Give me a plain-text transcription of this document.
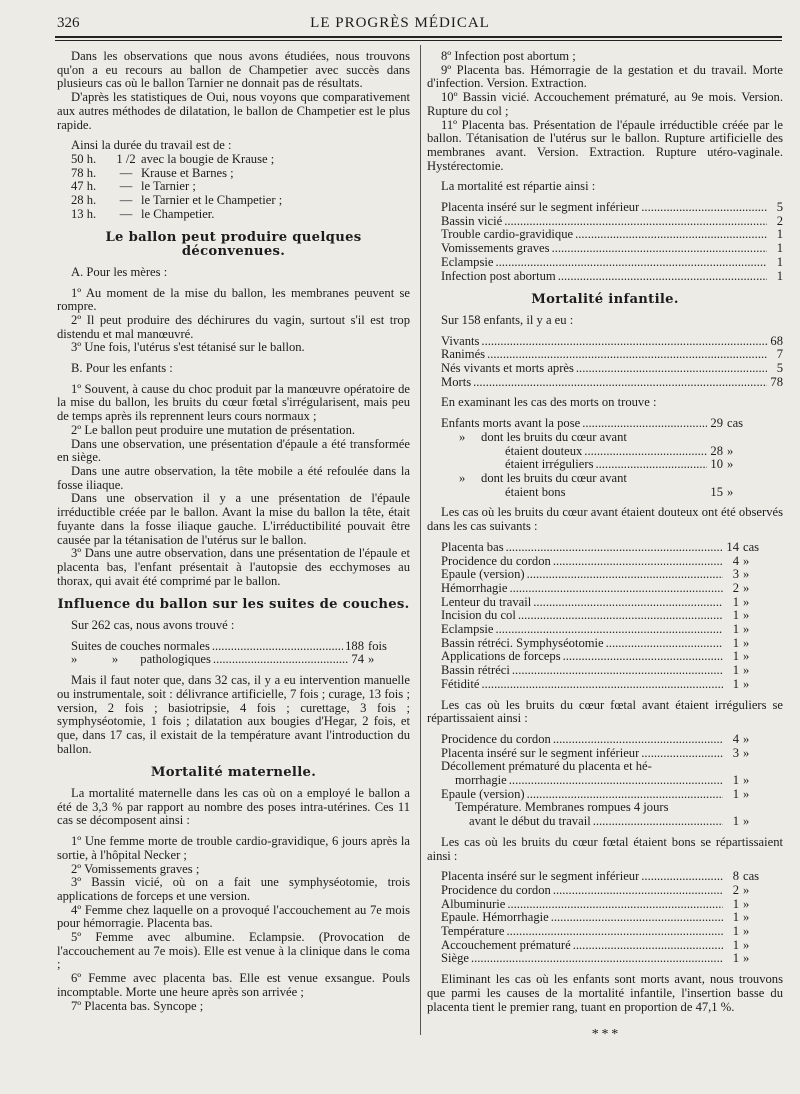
326	LE PROGRÈS MÉDICAL

Dans les observations que nous avons étudiées, nous trouvons qu'on a eu recours au ballon de Champetier avec succès dans plusieurs cas où le ballon Tarnier ne donnait pas de résultats.

D'après les statistiques de Oui, nous voyons que comparativement aux autres méthodes de dilatation, le ballon de Champetier est le plus rapide.

Ainsi la durée du travail est de :

50 h.	1 /2 avec la bougie de Krause ;
78 h.	— Krause et Barnes ;
47 h.	— le Tarnier ;
28 h.	— le Tarnier et le Champetier ;
13 h.	— le Champetier.
Le ballon peut produire quelques déconvenues.

A. Pour les mères :

1º Au moment de la mise du ballon, les membranes peuvent se rompre.

2º Il peut produire des déchirures du vagin, surtout s'il est trop distendu et mal manœuvré.

3º Une fois, l'utérus s'est tétanisé sur le ballon.

B. Pour les enfants :

1º Souvent, à cause du choc produit par la manœuvre opératoire de la mise du ballon, les bruits du cœur fœtal s'irrégularisent, mais peu de temps après ils reprennent leurs cours normaux ;

2º Le ballon peut produire une mutation de présentation.

Dans une observation, une présentation d'épaule a été transformée en siège.

Dans une autre observation, la tête mobile a été refoulée dans la fosse iliaque.

Dans une observation il y a une présentation de l'épaule irréductible créée par le ballon. Avant la mise du ballon la tête, était fuyante dans la fosse iliaque gauche. L'irréductibilité pouvait être causée par la tétanisation de l'utérus sur le ballon.

3º Dans une autre observation, dans une présentation de l'épaule et placenta bas, l'enfant présentait à l'autopsie des ecchymoses au thorax, qui avait été comprimé par le ballon.

Influence du ballon sur les suites de couches.

Sur 262 cas, nous avons trouvé :

Suites de couches normales .....	188 fois
»           »       pathologiques .....	74 »

Mais il faut noter que, dans 32 cas, il y a eu intervention manuelle ou instrumentale, soit : délivrance artificielle, 7 fois ; curage, 13 fois ; version, 2 fois ; basiotripsie, 4 fois ; curettage, 3 fois ; symphyséotomie, 1 fois ; dilatation aux bougies d'Hegar, 2 fois, et que, dans 17 cas, il existait de la température avant l'introduction du ballon.

Mortalité maternelle.

La mortalité maternelle dans les cas où on a employé le ballon a été de 3,3 % par rapport au nombre des poses intra-utérines. Ces 11 cas se décomposent ainsi :

1º Une femme morte de trouble cardio-gravidique, 6 jours après la sortie, à l'hôpital Necker ;

2º Vomissements graves ;

3º Bassin vicié, où on a fait une symphyséotomie, trois applications de forceps et une version.

4º Femme chez laquelle on a provoqué l'accouchement au 7e mois pour hémorragie. Placenta bas.

5º Femme avec albumine. Eclampsie. (Provocation de l'accouchement au 7e mois). Elle est venue à la clinique dans le coma ;

6º Femme avec placenta bas. Elle est venue exsangue. Pouls incomptable. Morte une heure après son arrivée ;

7º Placenta bas. Syncope ;

8º Infection post abortum ;

9º Placenta bas. Hémorragie de la gestation et du travail. Morte d'infection. Version. Extraction.

10º Bassin vicié. Accouchement prématuré, au 9e mois. Version. Rupture du col ;

11º Placenta bas. Présentation de l'épaule irréductible créée par le ballon. Tétanisation de l'utérus sur le ballon. Rupture artificielle des membranes avant. Version. Extraction. Rupture utéro-vaginale. Hystérectomie.

La mortalité est répartie ainsi :

Placenta inséré sur le segment inférieur .....	5
Bassin vicié .....	2
Trouble cardio-gravidique .....	1
Vomissements graves .....	1
Eclampsie .....	1
Infection post abortum .....	1
Mortalité infantile.

Sur 158 enfants, il y a eu :

Vivants .....	68
Ranimés .....	7
Nés vivants et morts après .....	5
Morts .....	78

En examinant les cas des morts on trouve :

Enfants morts avant la pose .....	29 cas
»     dont les bruits du cœur avant
étaient douteux .....	28 »
étaient irréguliers .....	10 »
»     dont les bruits du cœur avant
étaient bons	15 »

Les cas où les bruits du cœur avant étaient douteux ont été observés dans les cas suivants :

Placenta bas .....	14 cas
Procidence du cordon .....	4 »
Epaule (version) .....	3 »
Hémorrhagie .....	2 »
Lenteur du travail .....	1 »
Incision du col .....	1 »
Eclampsie .....	1 »
Bassin rétréci. Symphyséotomie .....	1 »
Applications de forceps .....	1 »
Bassin rétréci .....	1 »
Fétidité .....	1 »

Les cas où les bruits du cœur fœtal avant étaient irréguliers se répartissaient ainsi :

Procidence du cordon .....	4 »
Placenta inséré sur le segment inférieur .....	3 »
Décollement prématuré du placenta et hé-
morrhagie .....	1 »
Epaule (version) .....	1 »
Température. Membranes rompues 4 jours
avant le début du travail .....	1 »

Les cas où les bruits du cœur fœtal étaient bons se répartissaient ainsi :

Placenta inséré sur le segment inférieur .....	8 cas
Procidence du cordon .....	2 »
Albuminurie .....	1 »
Epaule. Hémorrhagie .....	1 »
Température .....	1 »
Accouchement prématuré .....	1 »
Siège .....	1 »

Eliminant les cas où les enfants sont morts avant, nous trouvons que parmi les causes de la mortalité infantile, l'insertion basse du placenta tient le premier rang, tuant en proportion de 47,1 %.

* * *
